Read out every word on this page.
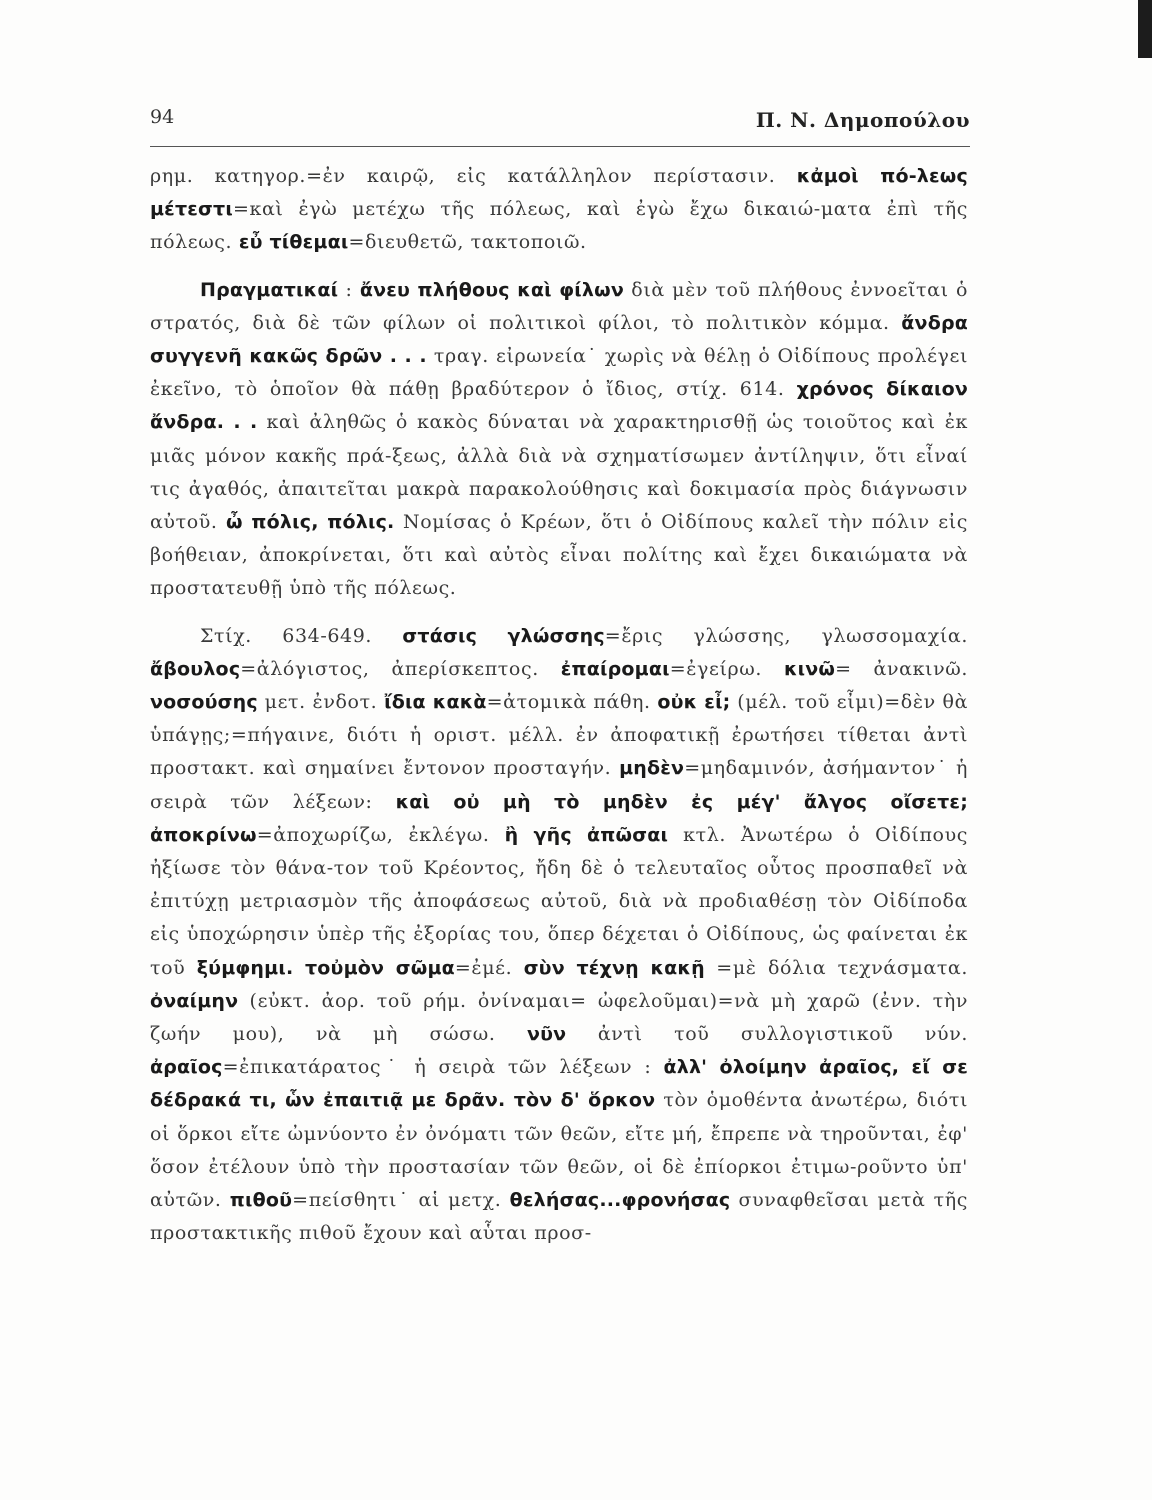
94	Π. Ν. Δημοπούλου

ρημ. κατηγορ.=ἐν καιρῷ, εἰς κατάλληλον περίστασιν. κἀμοὶ πό-λεως μέτεστι=καὶ ἐγὼ μετέχω τῆς πόλεως, καὶ ἐγὼ ἔχω δικαιώ-ματα ἐπὶ τῆς πόλεως. εὖ τίθεμαι=διευθετῶ, τακτοποιῶ.

Πραγματικαί : ἄνευ πλήθους καὶ φίλων διὰ μὲν τοῦ πλήθους ἐννοεῖται ὁ στρατός, διὰ δὲ τῶν φίλων οἱ πολιτικοὶ φίλοι, τὸ πολιτικὸν κόμμα. ἄνδρα συγγενῆ κακῶς δρῶν . . . τραγ. εἰρωνεία˙ χωρὶς νὰ θέλῃ ὁ Οἰδίπους προλέγει ἐκεῖνο, τὸ ὁποῖον θὰ πάθῃ βραδύτερον ὁ ἴδιος, στίχ. 614. χρόνος δίκαιον ἄνδρα. . . καὶ ἀληθῶς ὁ κακὸς δύναται νὰ χαρακτηρισθῇ ὡς τοιοῦτος καὶ ἐκ μιᾶς μόνον κακῆς πρά-ξεως, ἀλλὰ διὰ νὰ σχηματίσωμεν ἀντίληψιν, ὅτι εἶναί τις ἀγαθός, ἀπαιτεῖται μακρὰ παρακολούθησις καὶ δοκιμασία πρὸς διάγνωσιν αὐτοῦ. ὦ πόλις, πόλις. Νομίσας ὁ Κρέων, ὅτι ὁ Οἰδίπους καλεῖ τὴν πόλιν εἰς βοήθειαν, ἀποκρίνεται, ὅτι καὶ αὐτὸς εἶναι πολίτης καὶ ἔχει δικαιώματα νὰ προστατευθῇ ὑπὸ τῆς πόλεως.

Στίχ. 634-649. στάσις γλώσσης=ἔρις γλώσσης, γλωσσομαχία. ἄβουλος=ἀλόγιστος, ἀπερίσκεπτος. ἐπαίρομαι=ἐγείρω. κινῶ= ἀνακινῶ. νοσούσης μετ. ἐνδοτ. ἴδια κακὰ=ἀτομικὰ πάθη. οὐκ εἶ; (μέλ. τοῦ εἶμι)=δὲν θὰ ὑπάγῃς;=πήγαινε, διότι ἡ οριστ. μέλλ. ἐν ἀποφατικῇ ἐρωτήσει τίθεται ἀντὶ προστακτ. καὶ σημαίνει ἔντονον προσταγήν. μηδὲν=μηδαμινόν, ἀσήμαντον˙ ἡ σειρὰ τῶν λέξεων: καὶ οὐ μὴ τὸ μηδὲν ἐς μέγ' ἄλγος οἴσετε; ἀποκρίνω=ἀποχωρίζω, ἐκλέγω. ἢ γῆς ἀπῶσαι κτλ. Ἀνωτέρω ὁ Οἰδίπους ἠξίωσε τὸν θάνα-τον τοῦ Κρέοντος, ἤδη δὲ ὁ τελευταῖος οὗτος προσπαθεῖ νὰ ἐπιτύχῃ μετριασμὸν τῆς ἀποφάσεως αὐτοῦ, διὰ νὰ προδιαθέσῃ τὸν Οἰδίποδα εἰς ὑποχώρησιν ὑπὲρ τῆς ἐξορίας του, ὅπερ δέχεται ὁ Οἰδίπους, ὡς φαίνεται ἐκ τοῦ ξύμφημι. τοὐμὸν σῶμα=ἐμέ. σὺν τέχνῃ κακῇ =μὲ δόλια τεχνάσματα. ὀναίμην (εὐκτ. ἀορ. τοῦ ρήμ. ὀνίναμαι= ὠφελοῦμαι)=νὰ μὴ χαρῶ (ἐνν. τὴν ζωήν μου), νὰ μὴ σώσω. νῦν ἀντὶ τοῦ συλλογιστικοῦ νύν. ἀραῖος=ἐπικατάρατος˙ ἡ σειρὰ τῶν λέξεων : ἀλλ' ὀλοίμην ἀραῖος, εἴ σε δέδρακά τι, ὧν ἐπαιτιᾷ με δρᾶν. τὸν δ' ὅρκον τὸν ὁμοθέντα ἀνωτέρω, διότι οἱ ὅρκοι εἴτε ὠμνύοντο ἐν ὀνόματι τῶν θεῶν, εἴτε μή, ἔπρεπε νὰ τηροῦνται, ἐφ' ὅσον ἐτέλουν ὑπὸ τὴν προστασίαν τῶν θεῶν, οἱ δὲ ἐπίορκοι ἐτιμω-ροῦντο ὑπ' αὐτῶν. πιθοῦ=πείσθητι˙ αἱ μετχ. θελήσας...φρονήσας συναφθεῖσαι μετὰ τῆς προστακτικῆς πιθοῦ ἔχουν καὶ αὗται προσ-
